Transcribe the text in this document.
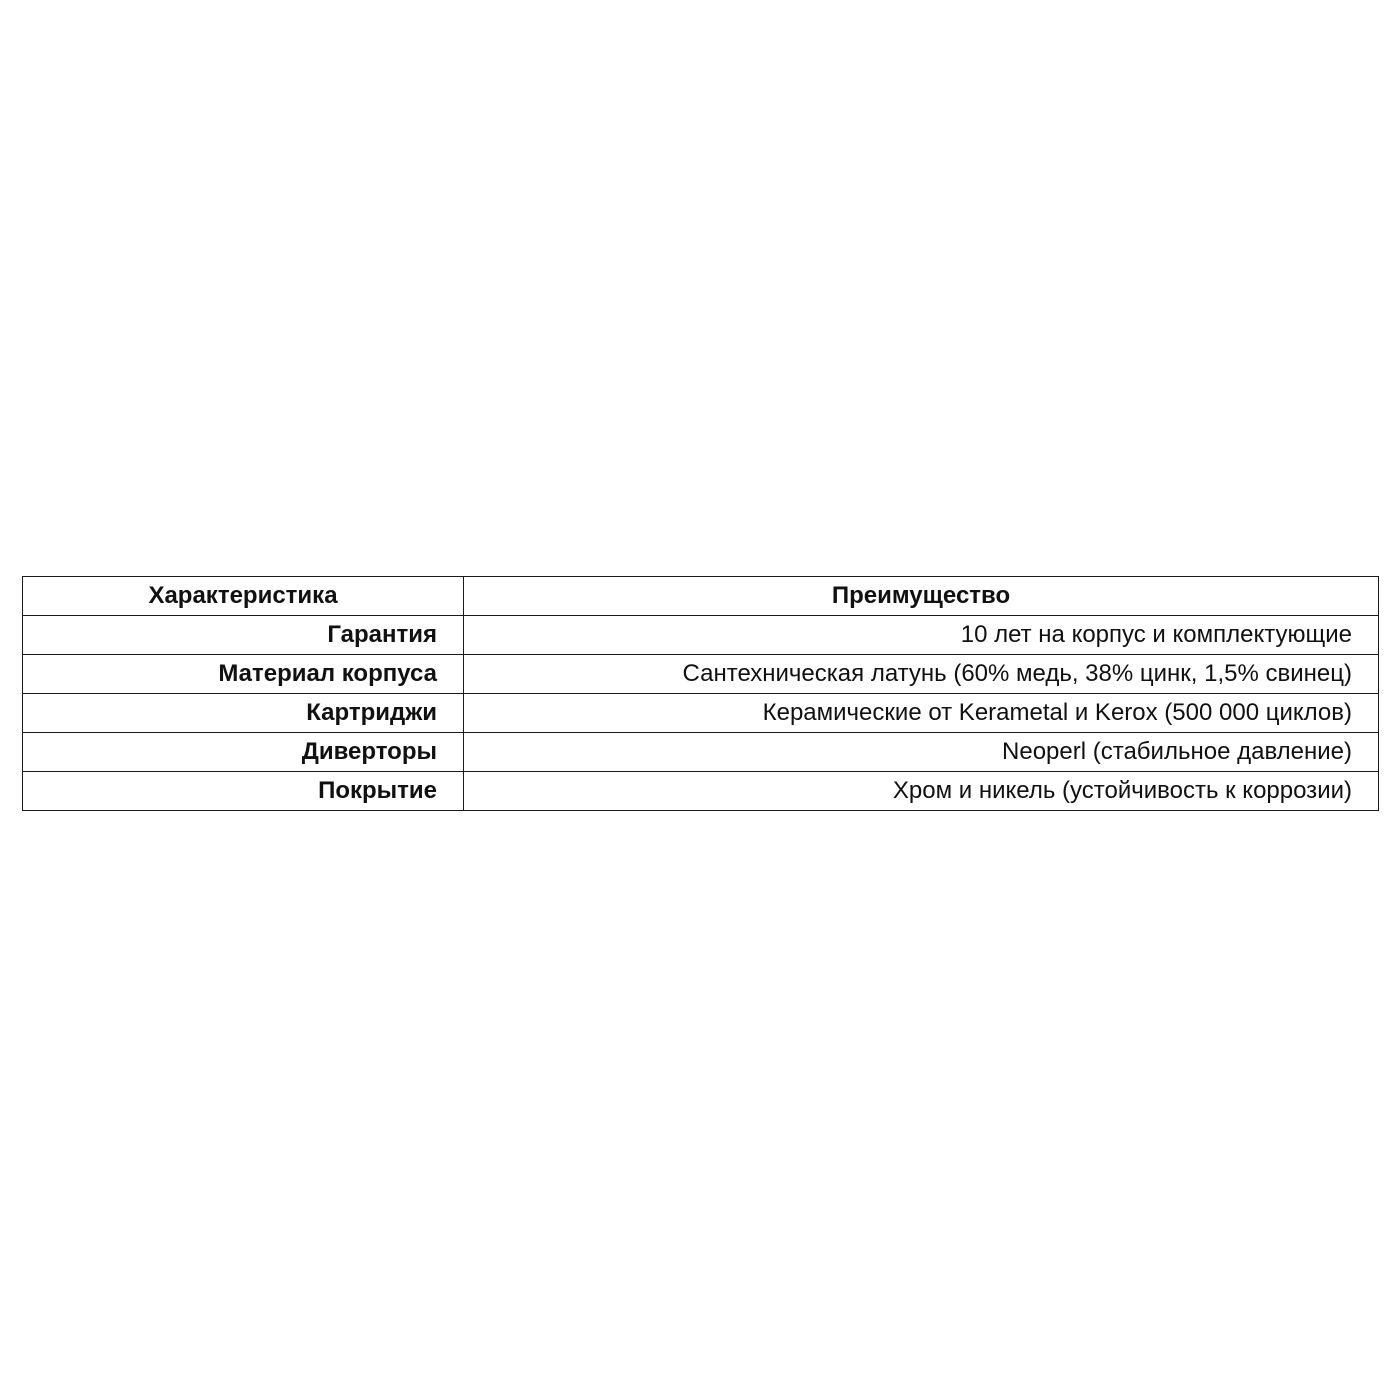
Характеристика	Преимущество
Гарантия	10 лет на корпус и комплектующие
Материал корпуса	Сантехническая латунь (60% медь, 38% цинк, 1,5% свинец)
Картриджи	Керамические от Kerametal и Kerox (500 000 циклов)
Диверторы	Neoperl (стабильное давление)
Покрытие	Хром и никель (устойчивость к коррозии)
